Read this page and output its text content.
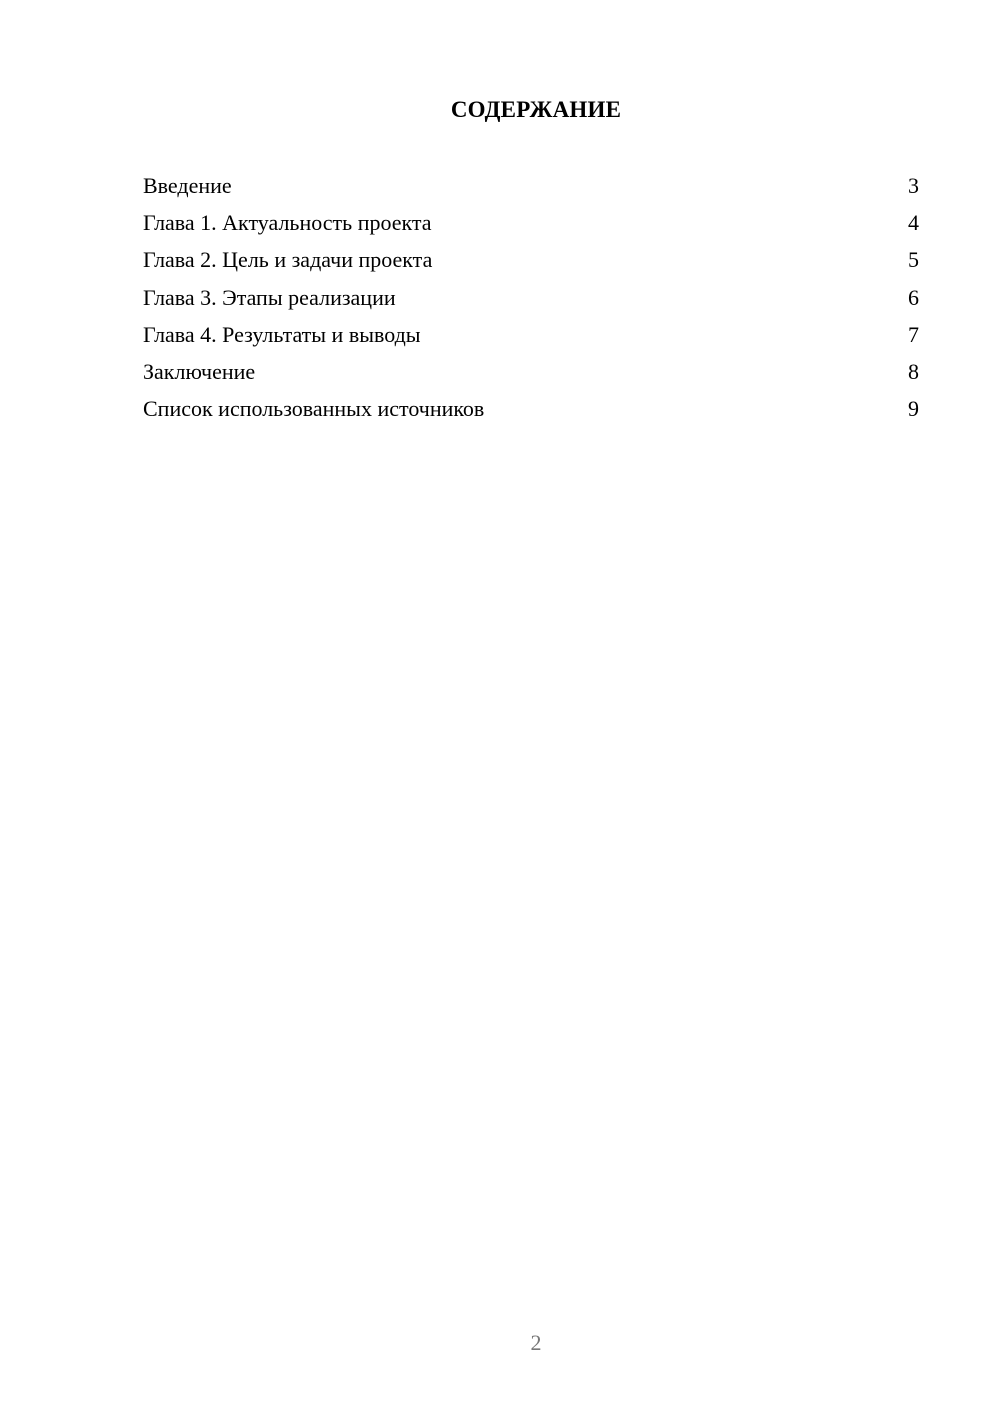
СОДЕРЖАНИЕ
Введение	3
Глава 1. Актуальность проекта	4
Глава 2. Цель и задачи проекта	5
Глава 3. Этапы реализации	6
Глава 4. Результаты и выводы	7
Заключение	8
Список использованных источников	9
2
